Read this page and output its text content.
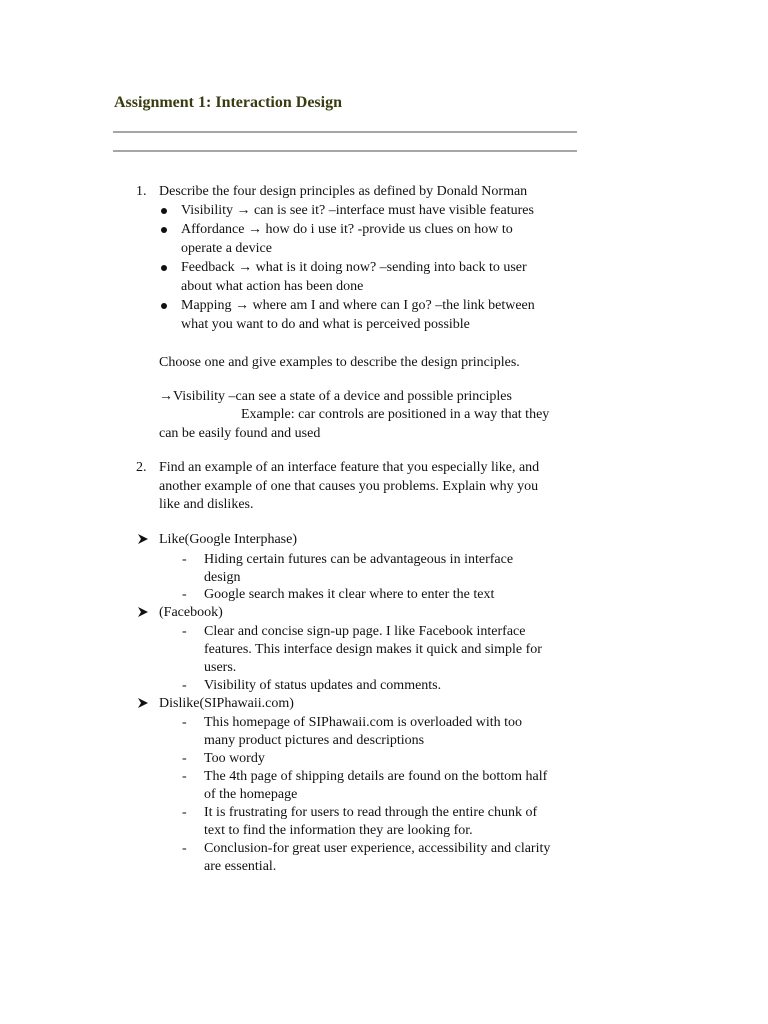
Assignment 1: Interaction Design
1. Describe the four design principles as defined by Donald Norman
Visibility → can is see it? –interface must have visible features
Affordance → how do i use it? -provide us clues on how to
operate a device
Feedback → what is it doing now? –sending into back to user
about what action has been done
Mapping → where am I and where can I go? –the link between
what you want to do and what is perceived possible
Choose one and give examples to describe the design principles.
→Visibility –can see a state of a device and possible principles
Example: car controls are positioned in a way that they
can be easily found and used
2. Find an example of an interface feature that you especially like, and
another example of one that causes you problems. Explain why you
like and dislikes.
Like(Google Interphase)
- Hiding certain futures can be advantageous in interface
design
- Google search makes it clear where to enter the text
(Facebook)
- Clear and concise sign-up page. I like Facebook interface
features. This interface design makes it quick and simple for
users.
- Visibility of status updates and comments.
Dislike(SIPhawaii.com)
- This homepage of SIPhawaii.com is overloaded with too
many product pictures and descriptions
- Too wordy
- The 4th page of shipping details are found on the bottom half
of the homepage
- It is frustrating for users to read through the entire chunk of
text to find the information they are looking for.
- Conclusion-for great user experience, accessibility and clarity
are essential.
